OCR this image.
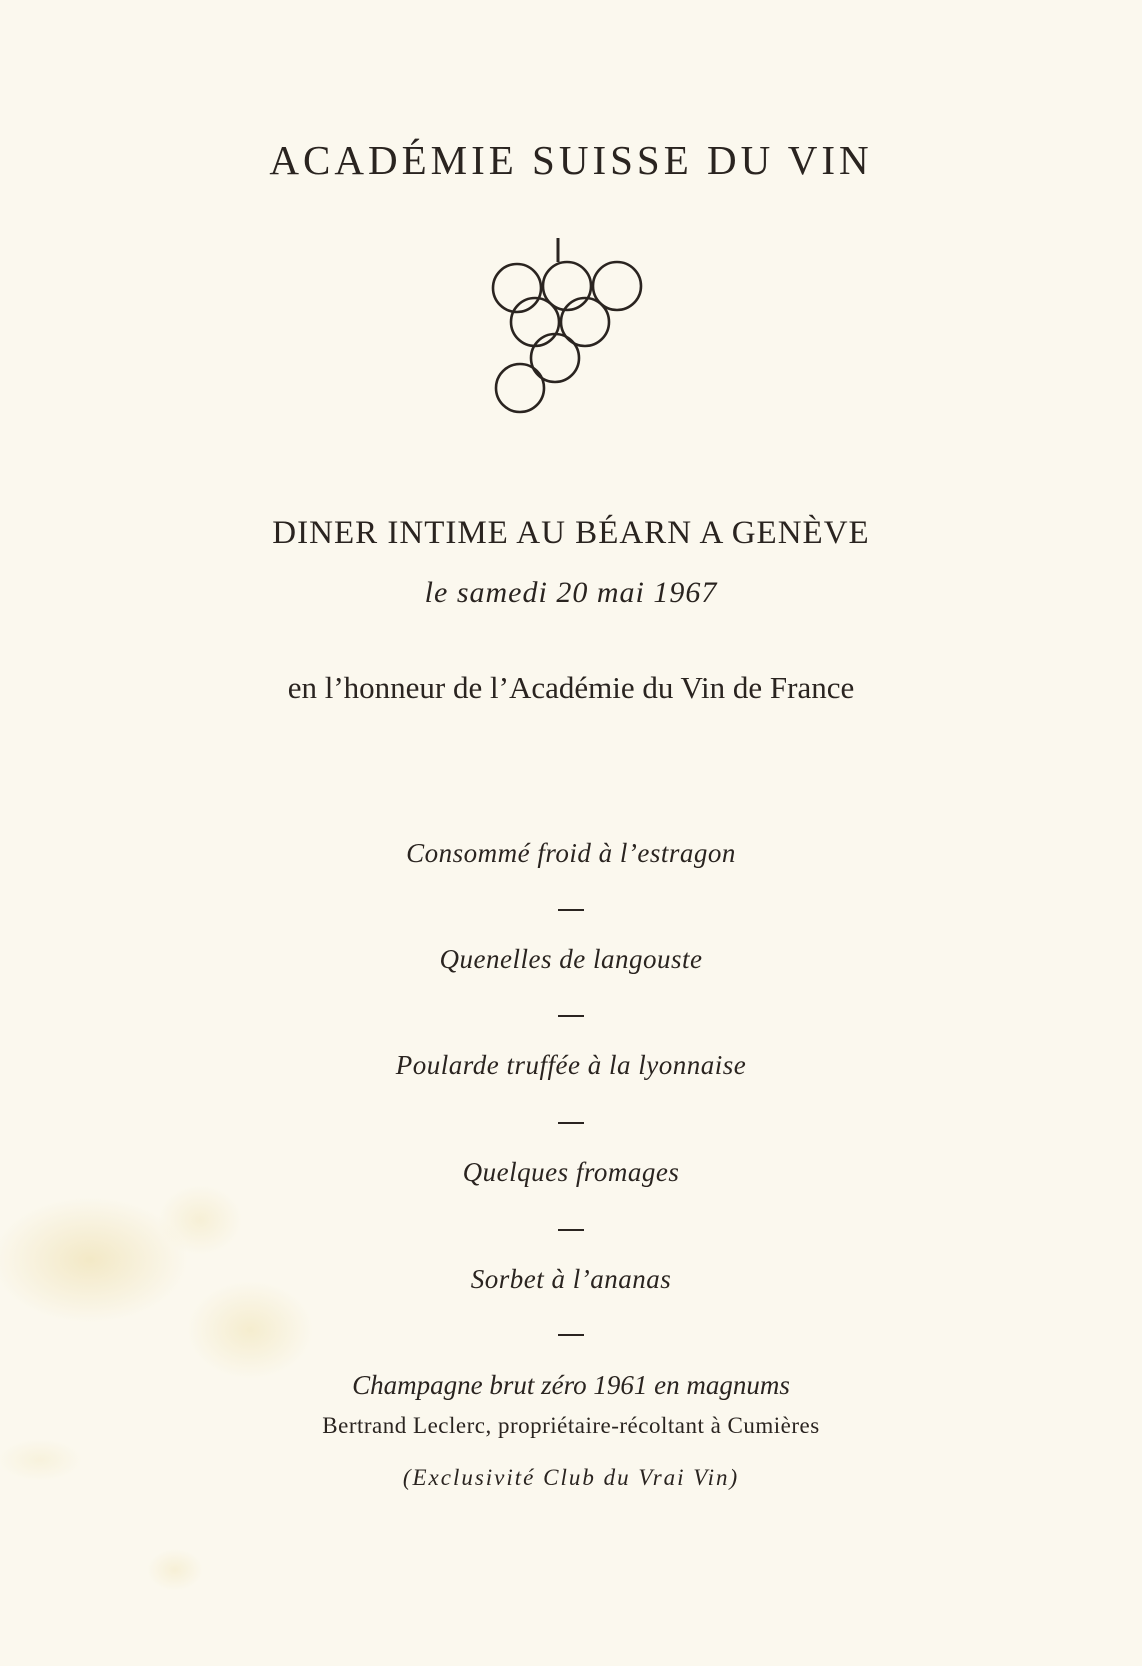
ACADÉMIE SUISSE DU VIN
DINER INTIME AU BÉARN A GENÈVE
le samedi 20 mai 1967
en l’honneur de l’Académie du Vin de France
Consommé froid à l’estragon
Quenelles de langouste
Poularde truffée à la lyonnaise
Quelques fromages
Sorbet à l’ananas
Champagne brut zéro 1961 en magnums
Bertrand Leclerc, propriétaire-récoltant à Cumières
(Exclusivité Club du Vrai Vin)
